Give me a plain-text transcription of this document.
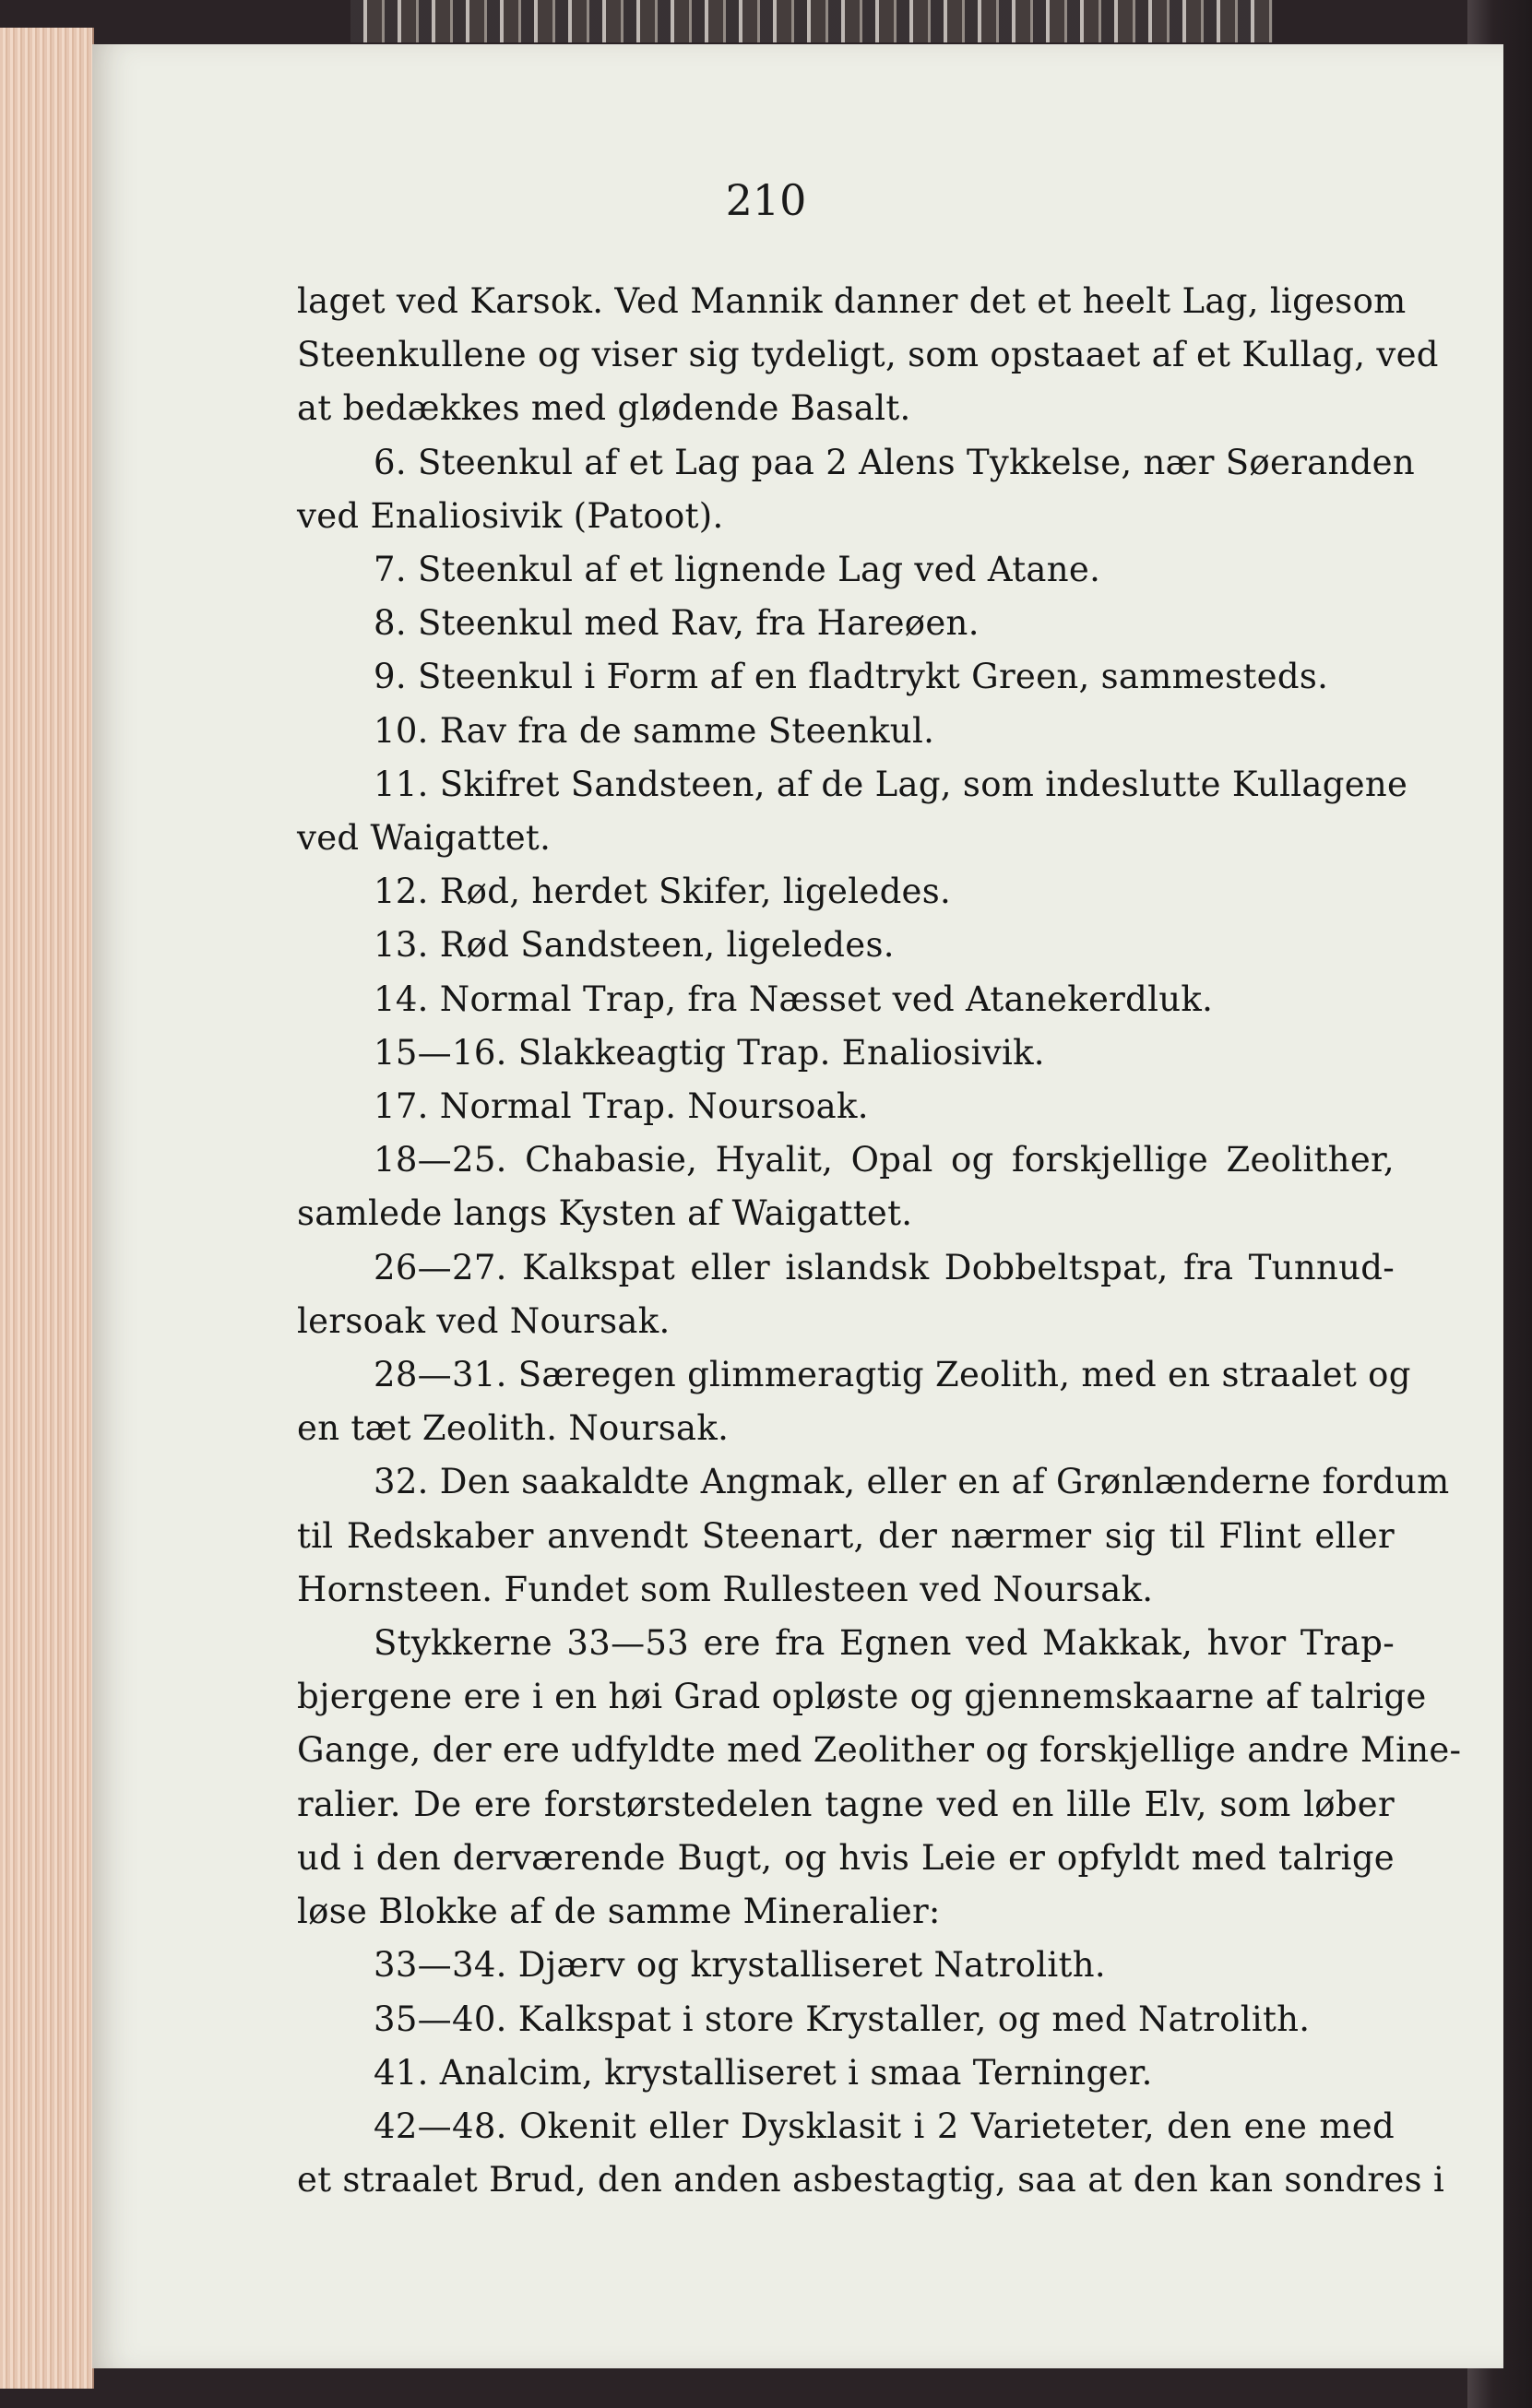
210
laget ved Karsok. Ved Mannik danner det et heelt Lag, ligesom
Steenkullene og viser sig tydeligt, som opstaaet af et Kullag, ved
at bedækkes med glødende Basalt.
6. Steenkul af et Lag paa 2 Alens Tykkelse, nær Søeranden
ved Enaliosivik (Patoot).
7. Steenkul af et lignende Lag ved Atane.
8. Steenkul med Rav, fra Hareøen.
9. Steenkul i Form af en fladtrykt Green, sammesteds.
10. Rav fra de samme Steenkul.
11. Skifret Sandsteen, af de Lag, som indeslutte Kullagene
ved Waigattet.
12. Rød, herdet Skifer, ligeledes.
13. Rød Sandsteen, ligeledes.
14. Normal Trap, fra Næsset ved Atanekerdluk.
15—16. Slakkeagtig Trap. Enaliosivik.
17. Normal Trap. Noursoak.
18—25. Chabasie, Hyalit, Opal og forskjellige Zeolither,
samlede langs Kysten af Waigattet.
26—27. Kalkspat eller islandsk Dobbeltspat, fra Tunnud-
lersoak ved Noursak.
28—31. Særegen glimmeragtig Zeolith, med en straalet og
en tæt Zeolith. Noursak.
32. Den saakaldte Angmak, eller en af Grønlænderne fordum
til Redskaber anvendt Steenart, der nærmer sig til Flint eller
Hornsteen. Fundet som Rullesteen ved Noursak.
Stykkerne 33—53 ere fra Egnen ved Makkak, hvor Trap-
bjergene ere i en høi Grad opløste og gjennemskaarne af talrige
Gange, der ere udfyldte med Zeolither og forskjellige andre Mine-
ralier. De ere forstørstedelen tagne ved en lille Elv, som løber
ud i den derværende Bugt, og hvis Leie er opfyldt med talrige
løse Blokke af de samme Mineralier:
33—34. Djærv og krystalliseret Natrolith.
35—40. Kalkspat i store Krystaller, og med Natrolith.
41. Analcim, krystalliseret i smaa Terninger.
42—48. Okenit eller Dysklasit i 2 Varieteter, den ene med
et straalet Brud, den anden asbestagtig, saa at den kan sondres i
